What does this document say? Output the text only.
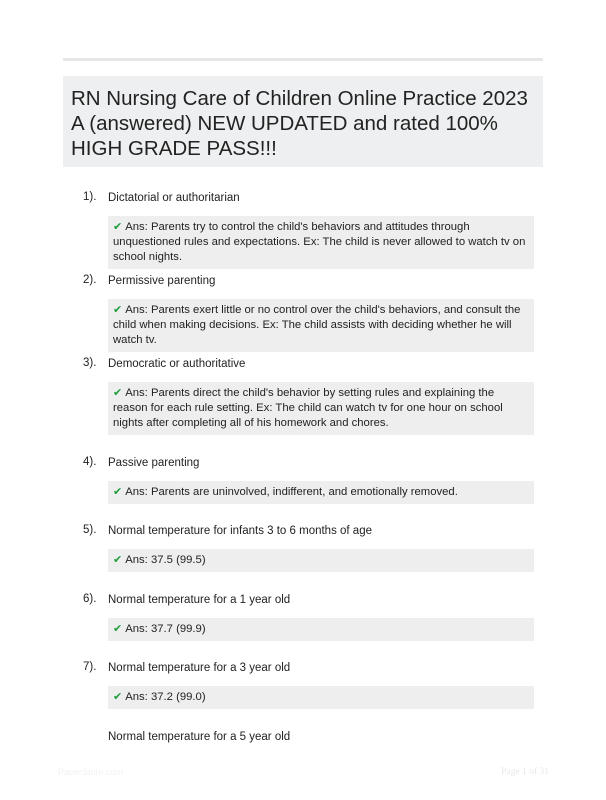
RN Nursing Care of Children Online Practice 2023 A (answered) NEW UPDATED and rated 100% HIGH GRADE PASS!!!
1). Dictatorial or authoritarian
✔ Ans: Parents try to control the child's behaviors and attitudes through unquestioned rules and expectations. Ex: The child is never allowed to watch tv on school nights.
2). Permissive parenting
✔ Ans: Parents exert little or no control over the child's behaviors, and consult the child when making decisions. Ex: The child assists with deciding whether he will watch tv.
3). Democratic or authoritative
✔ Ans: Parents direct the child's behavior by setting rules and explaining the reason for each rule setting. Ex: The child can watch tv for one hour on school nights after completing all of his homework and chores.
4). Passive parenting
✔ Ans: Parents are uninvolved, indifferent, and emotionally removed.
5). Normal temperature for infants 3 to 6 months of age
✔ Ans: 37.5 (99.5)
6). Normal temperature for a 1 year old
✔ Ans: 37.7 (99.9)
7). Normal temperature for a 3 year old
✔ Ans: 37.2 (99.0)
Normal temperature for a 5 year old
PaperStore.com	Page 1 of 31
